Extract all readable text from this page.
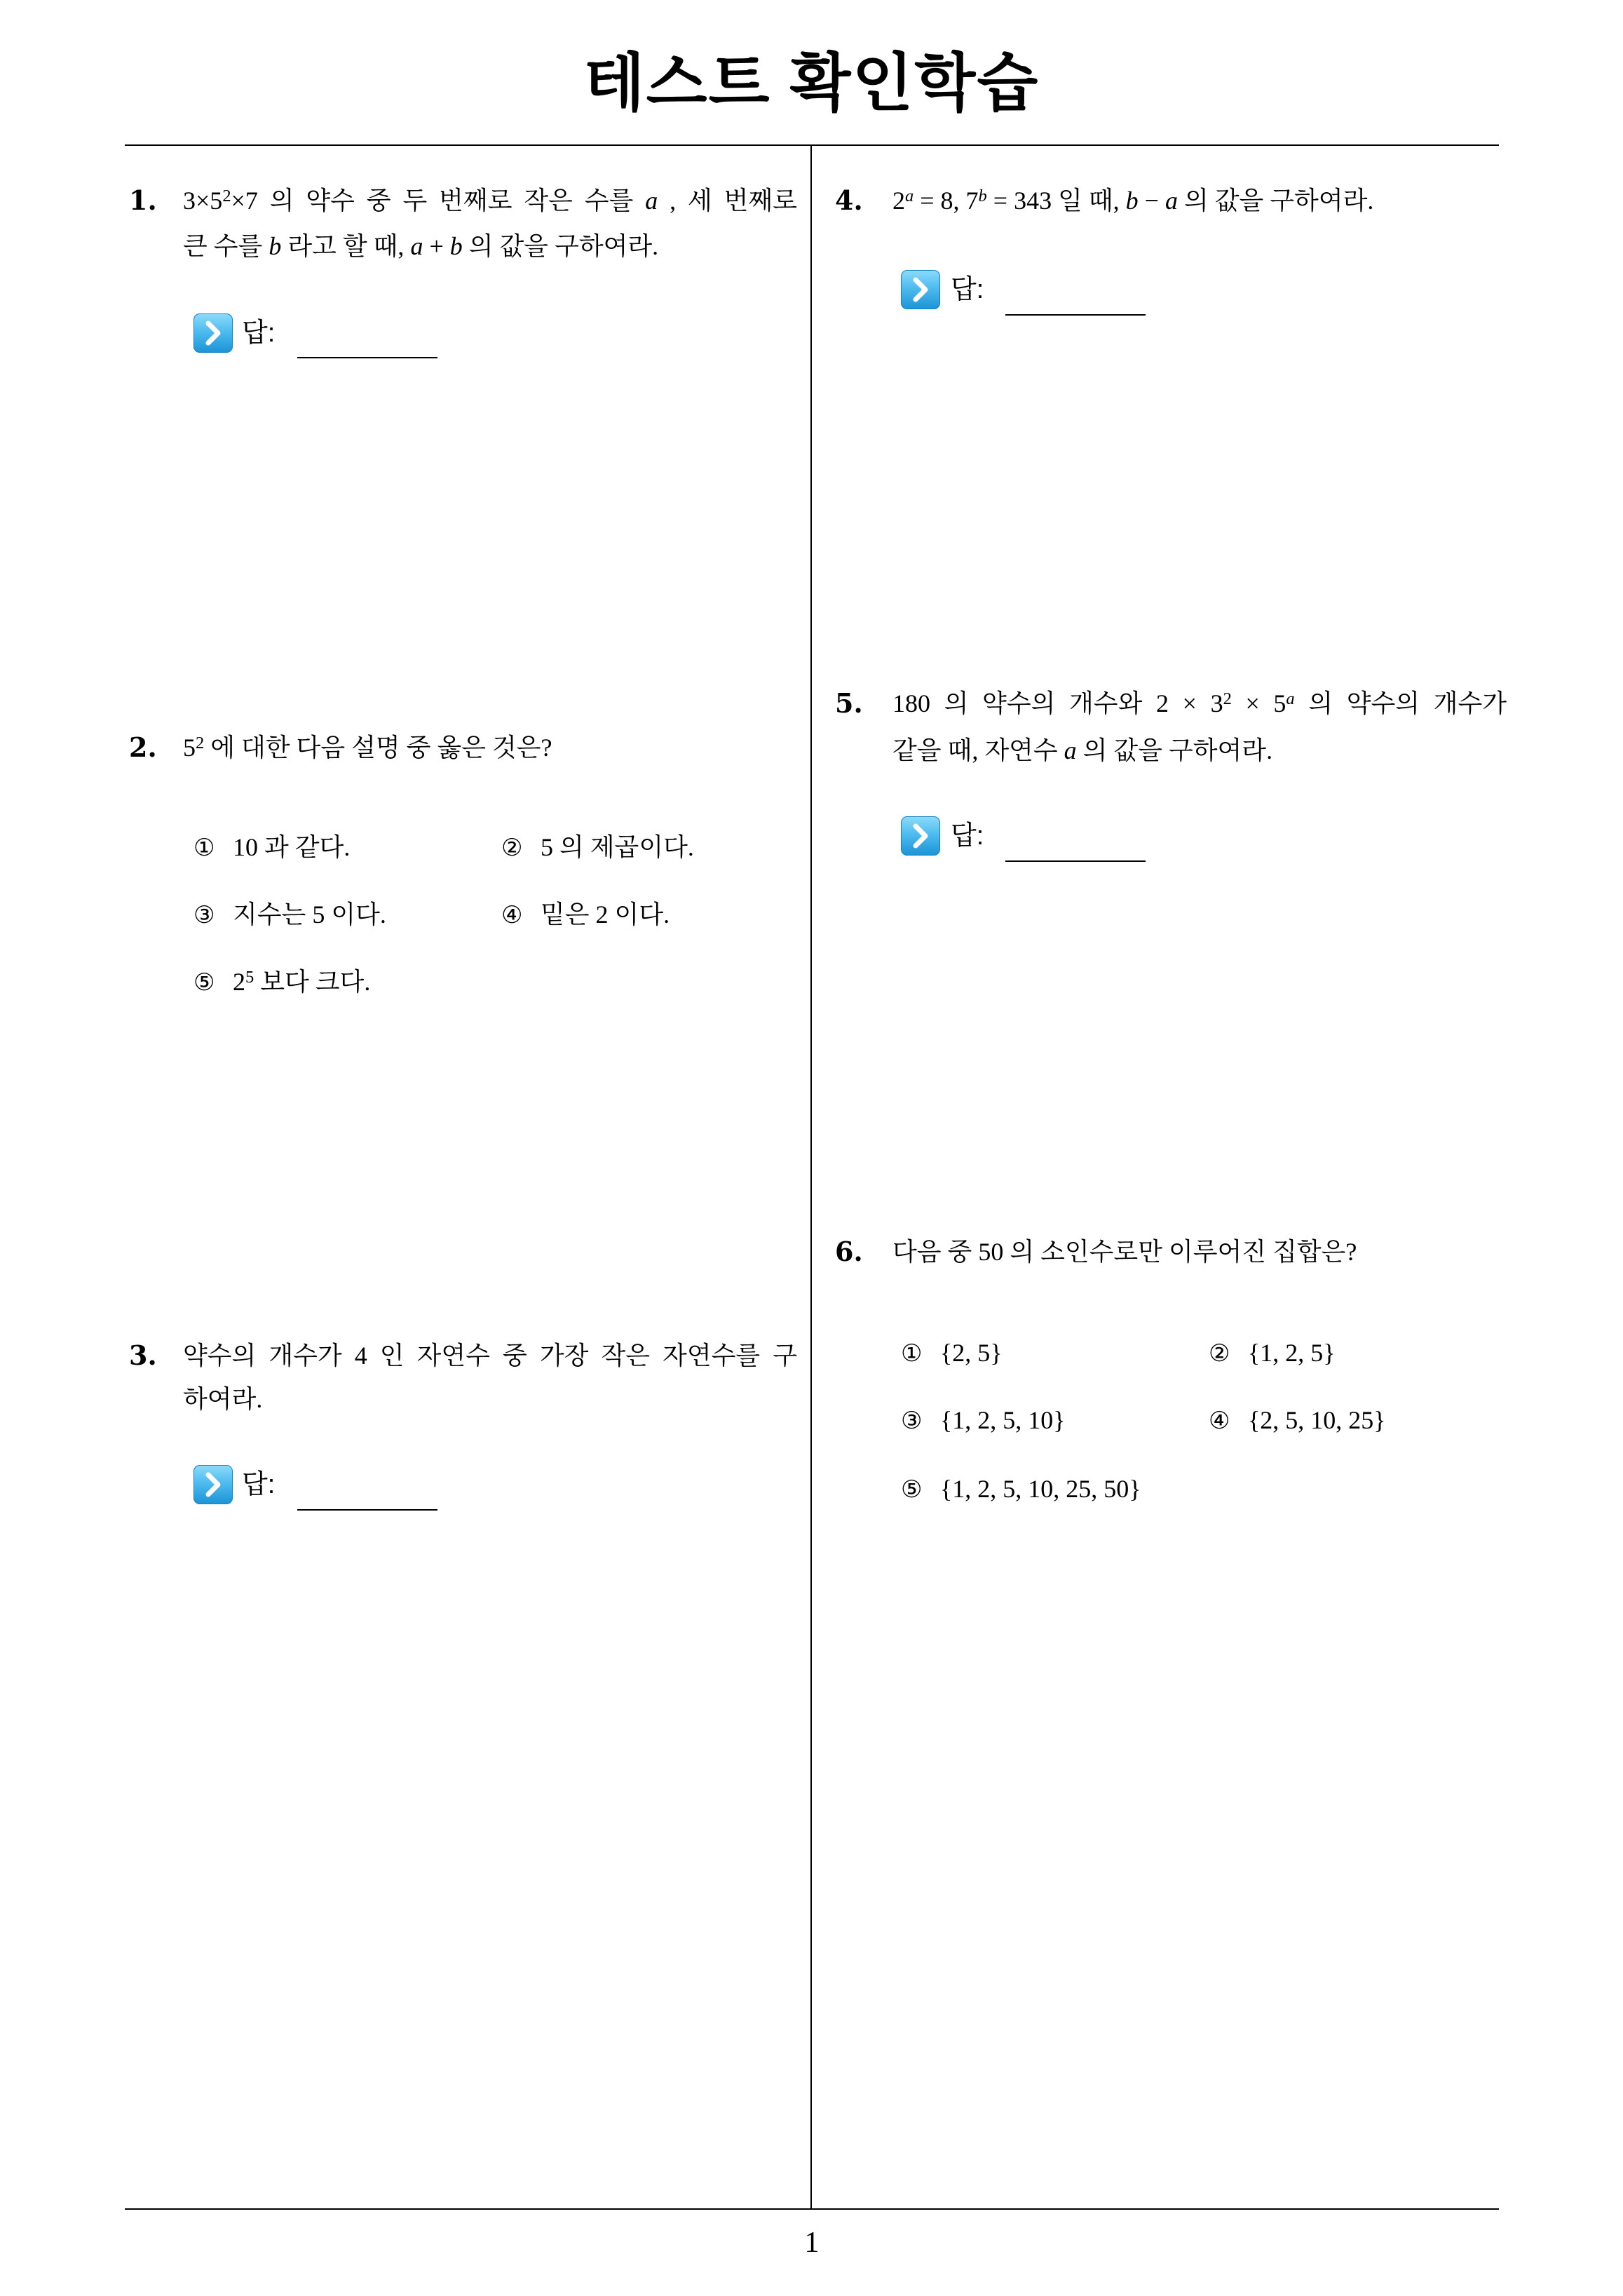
테스트 확인학습
1.	$3\times 5^2\times 7$ 의 약수 중 두 번째로 작은 수를 a , 세 번째로
큰 수를 b 라고 할 때, a + b 의 값을 구하여라.
답:
2.	$5^2$ 에 대한 다음 설명 중 옳은 것은?
① 10 과 같다.	② 5 의 제곱이다.
③ 지수는 5 이다.	④ 밑은 2 이다.
⑤ $2^5$ 보다 크다.
3.	약수의 개수가 4 인 자연수 중 가장 작은 자연수를 구
하여라.
답:
4.	$2^a = 8$, $7^b = 343$ 일 때, b − a 의 값을 구하여라.
답:
5.	180 의 약수의 개수와 $2 \times 3^2 \times 5^a$ 의 약수의 개수가
같을 때, 자연수 a 의 값을 구하여라.
답:
6.	다음 중 50 의 소인수로만 이루어진 집합은?
① {2, 5}	② {1, 2, 5}
③ {1, 2, 5, 10}	④ {2, 5, 10, 25}
⑤ {1, 2, 5, 10, 25, 50}
1
